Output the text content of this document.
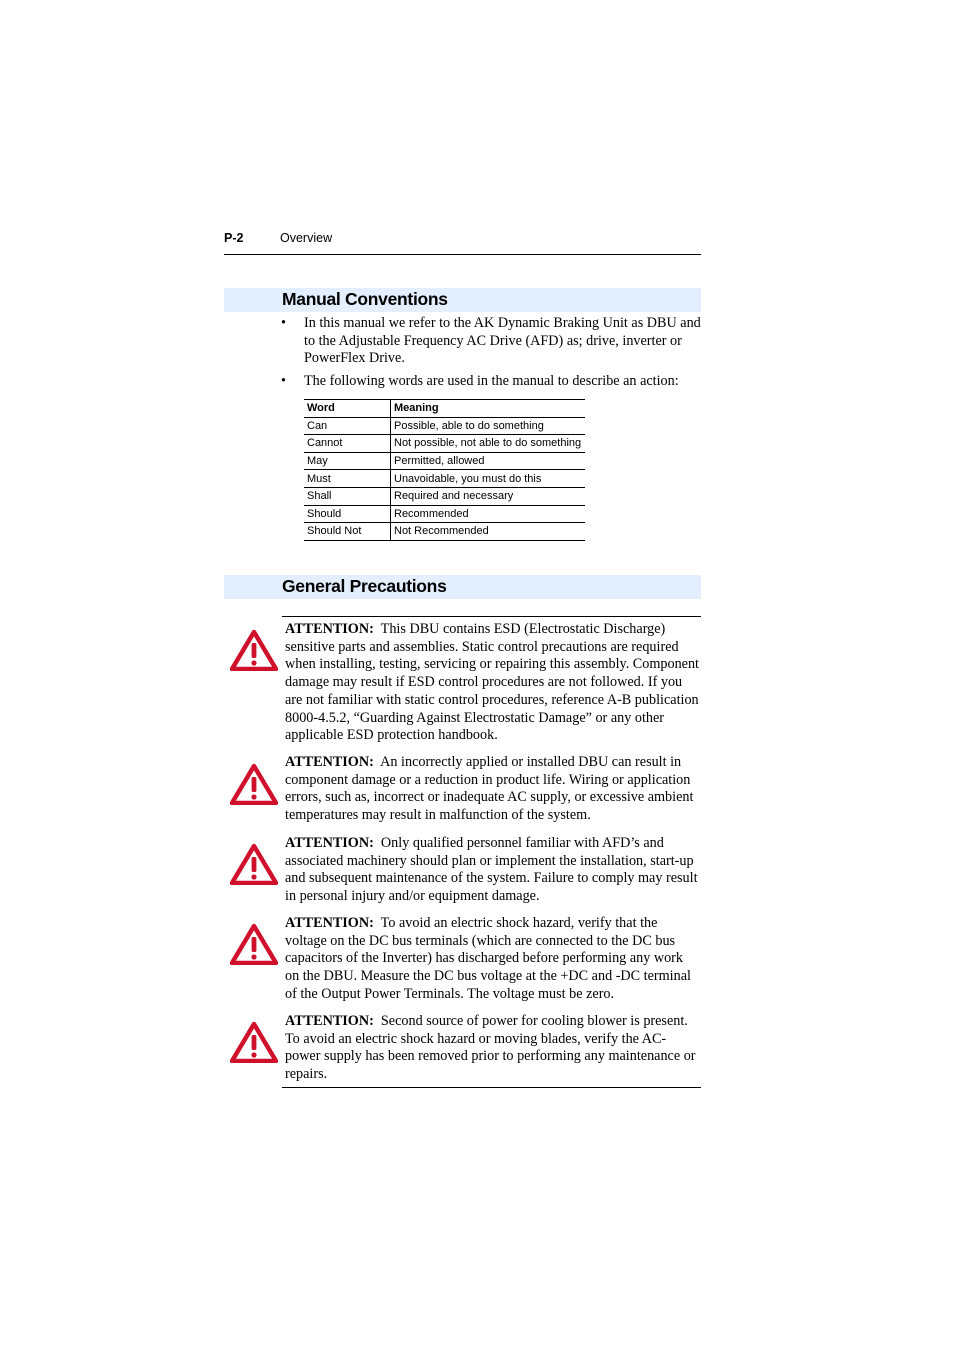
P-2	Overview
Manual Conventions
• In this manual we refer to the AK Dynamic Braking Unit as DBU and to the Adjustable Frequency AC Drive (AFD) as; drive, inverter or PowerFlex Drive.
• The following words are used in the manual to describe an action:
Word	Meaning
Can	Possible, able to do something
Cannot	Not possible, not able to do something
May	Permitted, allowed
Must	Unavoidable, you must do this
Shall	Required and necessary
Should	Recommended
Should Not	Not Recommended
General Precautions
ATTENTION: This DBU contains ESD (Electrostatic Discharge) sensitive parts and assemblies. Static control precautions are required when installing, testing, servicing or repairing this assembly. Component damage may result if ESD control procedures are not followed. If you are not familiar with static control procedures, reference A-B publication 8000-4.5.2, “Guarding Against Electrostatic Damage” or any other applicable ESD protection handbook.
ATTENTION: An incorrectly applied or installed DBU can result in component damage or a reduction in product life. Wiring or application errors, such as, incorrect or inadequate AC supply, or excessive ambient temperatures may result in malfunction of the system.
ATTENTION: Only qualified personnel familiar with AFD’s and associated machinery should plan or implement the installation, start-up and subsequent maintenance of the system. Failure to comply may result in personal injury and/or equipment damage.
ATTENTION: To avoid an electric shock hazard, verify that the voltage on the DC bus terminals (which are connected to the DC bus capacitors of the Inverter) has discharged before performing any work on the DBU. Measure the DC bus voltage at the +DC and -DC terminal of the Output Power Terminals. The voltage must be zero.
ATTENTION: Second source of power for cooling blower is present. To avoid an electric shock hazard or moving blades, verify the AC-power supply has been removed prior to performing any maintenance or repairs.
